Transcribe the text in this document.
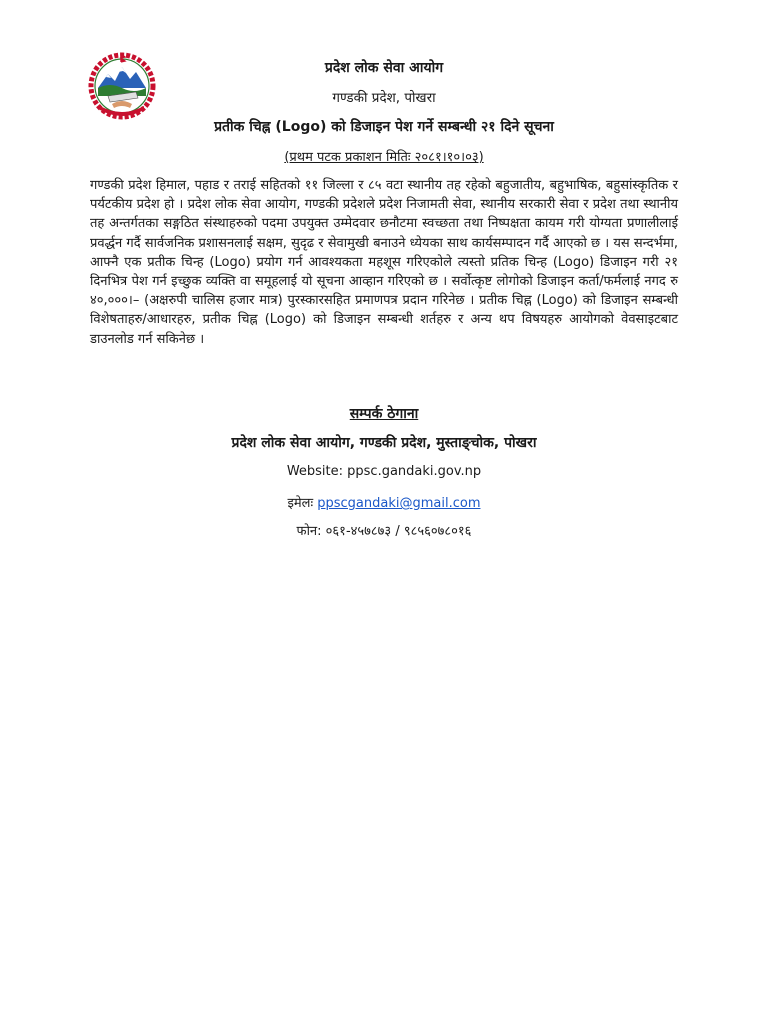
प्रदेश लोक सेवा आयोग
गण्डकी प्रदेश, पोखरा
प्रतीक चिह्न (Logo) को डिजाइन पेश गर्ने सम्बन्धी २१ दिने सूचना
(प्रथम पटक प्रकाशन मितिः २०८१।१०।०३)

गण्डकी प्रदेश हिमाल, पहाड र तराई सहितको ११ जिल्ला र ८५ वटा स्थानीय तह रहेको बहुजातीय, बहुभाषिक, बहुसांस्कृतिक र पर्यटकीय प्रदेश हो । प्रदेश लोक सेवा आयोग, गण्डकी प्रदेशले प्रदेश निजामती सेवा, स्थानीय सरकारी सेवा र प्रदेश तथा स्थानीय तह अन्तर्गतका सङ्गठित संस्थाहरुको पदमा उपयुक्त उम्मेदवार छनौटमा स्वच्छता तथा निष्पक्षता कायम गरी योग्यता प्रणालीलाई प्रवर्द्धन गर्दै सार्वजनिक प्रशासनलाई सक्षम, सुदृढ र सेवामुखी बनाउने ध्येयका साथ कार्यसम्पादन गर्दै आएको छ । यस सन्दर्भमा, आफ्नै एक प्रतीक चिन्ह (Logo) प्रयोग गर्न आवश्यकता महशूस गरिएकोले त्यस्तो प्रतिक चिन्ह (Logo) डिजाइन गरी २१ दिनभित्र पेश गर्न इच्छुक व्यक्ति वा समूहलाई यो सूचना आव्हान गरिएको छ । सर्वोत्कृष्ट लोगोको डिजाइन कर्ता/फर्मलाई नगद रु ४०,०००।– (अक्षरुपी चालिस हजार मात्र) पुरस्कारसहित प्रमाणपत्र प्रदान गरिनेछ । प्रतीक चिह्न (Logo) को डिजाइन सम्बन्धी विशेषताहरु/आधारहरु, प्रतीक चिह्न (Logo) को डिजाइन सम्बन्धी शर्तहरु र अन्य थप विषयहरु आयोगको वेवसाइटबाट डाउनलोड गर्न सकिनेछ ।

सम्पर्क ठेगाना
प्रदेश लोक सेवा आयोग, गण्डकी प्रदेश, मुस्ताङ्चोक, पोखरा
Website: ppsc.gandaki.gov.np
इमेलः ppscgandaki@gmail.com
फोन: ०६१-४५७८७३ / ९८५६०७८०१६
